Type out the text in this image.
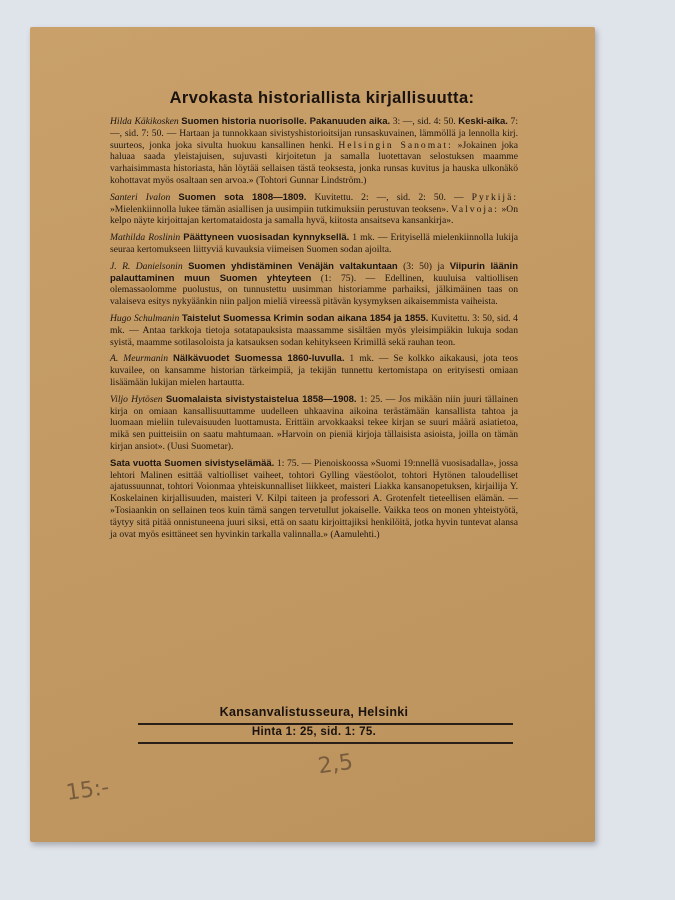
Arvokasta historiallista kirjallisuutta:

Hilda Käkikosken Suomen historia nuorisolle. Pakanuuden aika. 3: —, sid. 4: 50. Keski-aika. 7: —, sid. 7: 50. — Hartaan ja tunnokkaan sivistyshistorioitsijan runsaskuvainen, lämmöllä ja lennolla kirj. suurteos, jonka joka sivulta huokuu kansallinen henki. Helsingin Sanomat: »Jokainen joka haluaa saada yleistajuisen, sujuvasti kirjoitetun ja samalla luotettavan selostuksen maamme varhaisimmasta historiasta, hän löytää sellaisen tästä teoksesta, jonka runsas kuvitus ja hauska ulkonäkö kohottavat myös osaltaan sen arvoa.» (Tohtori Gunnar Lindström.)

Santeri Ivalon Suomen sota 1808—1809. Kuvitettu. 2: —, sid. 2: 50. — Pyrkijä: »Mielenkiinnolla lukee tämän asiallisen ja uusimpiin tutkimuksiin perustuvan teoksen». Valvoja: »On kelpo näyte kirjoittajan kertomataidosta ja samalla hyvä, kiitosta ansaitseva kansankirja».

Mathilda Roslinin Päättyneen vuosisadan kynnyksellä. 1 mk. — Erityisellä mielenkiinnolla lukija seuraa kertomukseen liittyviä kuvauksia viimeisen Suomen sodan ajoilta.

J. R. Danielsonin Suomen yhdistäminen Venäjän valtakuntaan (3: 50) ja Viipurin läänin palauttaminen muun Suomen yhteyteen (1: 75). — Edellinen, kuuluisa valtiollisen olemassaolomme puolustus, on tunnustettu uusimman historiamme parhaiksi, jälkimäinen taas on valaiseva esitys nykyäänkin niin paljon mieliä vireessä pitävän kysymyksen aikaisemmista vaiheista.

Hugo Schulmanin Taistelut Suomessa Krimin sodan aikana 1854 ja 1855. Kuvitettu. 3: 50, sid. 4 mk. — Antaa tarkkoja tietoja sotatapauksista maassamme sisältäen myös yleisimpiäkin lukuja sodan syistä, maamme sotilasoloista ja katsauksen sodan kehitykseen Krimillä sekä rauhan teon.

A. Meurmanin Nälkävuodet Suomessa 1860-luvulla. 1 mk. — Se kolkko aikakausi, jota teos kuvailee, on kansamme historian tärkeimpiä, ja tekijän tunnettu kertomistapa on erityisesti omiaan lisäämään lukijan mielen hartautta.

Viljo Hytösen Suomalaista sivistystaistelua 1858—1908. 1: 25. — Jos mikään niin juuri tällainen kirja on omiaan kansallisuuttamme uudelleen uhkaavina aikoina terästämään kansallista tahtoa ja luomaan mieliin tulevaisuuden luottamusta. Erittäin arvokkaaksi tekee kirjan se suuri määrä asiatietoa, mikä sen puitteisiin on saatu mahtumaan. »Harvoin on pieniä kirjoja tällaisista asioista, joilla on tämän kirjan ansiot». (Uusi Suometar).

Sata vuotta Suomen sivistyselämää. 1: 75. — Pienoiskoossa »Suomi 19:nnellä vuosisadalla», jossa lehtori Malinen esittää valtiolliset vaiheet, tohtori Gylling väestöolot, tohtori Hytönen taloudelliset ajatussuunnat, tohtori Voionmaa yhteiskunnalliset liikkeet, maisteri Liakka kansanopetuksen, kirjailija Y. Koskelainen kirjallisuuden, maisteri V. Kilpi taiteen ja professori A. Grotenfelt tieteellisen elämän. — »Tosiaankin on sellainen teos kuin tämä sangen tervetullut jokaiselle. Vaikka teos on monen yhteistyötä, täytyy sitä pitää onnistuneena juuri siksi, että on saatu kirjoittajiksi henkilöitä, jotka hyvin tuntevat alansa ja ovat myös esittäneet sen hyvinkin tarkalla valinnalla.» (Aamulehti.)

Kansanvalistusseura, Helsinki
Hinta 1: 25, sid. 1: 75.
15:-
2,5
